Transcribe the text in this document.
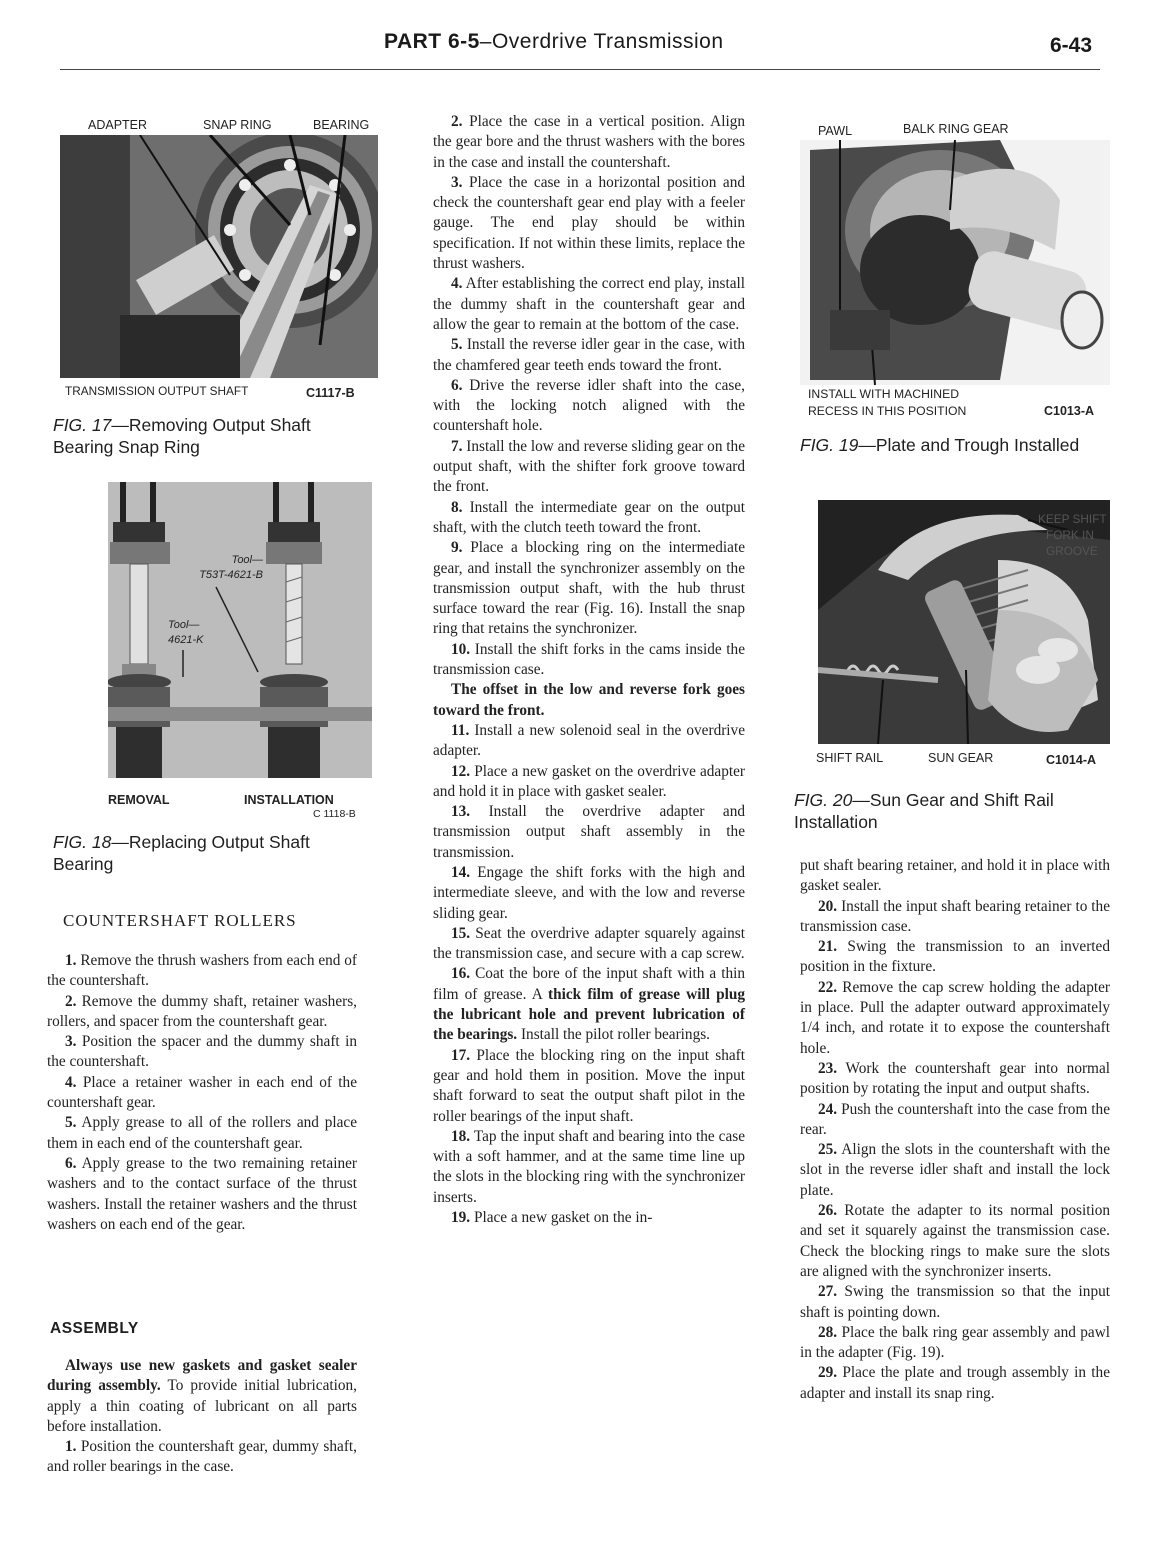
PART 6-5–Overdrive Transmission	6-43
ADAPTER	SNAP RING	BEARING
TRANSMISSION OUTPUT SHAFT	C1117-B
FIG. 17—Removing Output Shaft Bearing Snap Ring
Tool—
T53T-4621-B
Tool—
4621-K
REMOVAL	INSTALLATION
C 1118-B
FIG. 18—Replacing Output Shaft Bearing
COUNTERSHAFT ROLLERS

1. Remove the thrush washers from each end of the countershaft.

2. Remove the dummy shaft, retainer washers, rollers, and spacer from the countershaft gear.

3. Position the spacer and the dummy shaft in the countershaft.

4. Place a retainer washer in each end of the countershaft gear.

5. Apply grease to all of the rollers and place them in each end of the countershaft gear.

6. Apply grease to the two remaining retainer washers and to the contact surface of the thrust washers. Install the retainer washers and the thrust washers on each end of the gear.

ASSEMBLY

Always use new gaskets and gasket sealer during assembly. To provide initial lubrication, apply a thin coating of lubricant on all parts before installation.

1. Position the countershaft gear, dummy shaft, and roller bearings in the case.

2. Place the case in a vertical position. Align the gear bore and the thrust washers with the bores in the case and install the countershaft.

3. Place the case in a horizontal position and check the countershaft gear end play with a feeler gauge. The end play should be within specification. If not within these limits, replace the thrust washers.

4. After establishing the correct end play, install the dummy shaft in the countershaft gear and allow the gear to remain at the bottom of the case.

5. Install the reverse idler gear in the case, with the chamfered gear teeth ends toward the front.

6. Drive the reverse idler shaft into the case, with the locking notch aligned with the countershaft hole.

7. Install the low and reverse sliding gear on the output shaft, with the shifter fork groove toward the front.

8. Install the intermediate gear on the output shaft, with the clutch teeth toward the front.

9. Place a blocking ring on the intermediate gear, and install the synchronizer assembly on the transmission output shaft, with the hub thrust surface toward the rear (Fig. 16). Install the snap ring that retains the synchronizer.

10. Install the shift forks in the cams inside the transmission case.

The offset in the low and reverse fork goes toward the front.

11. Install a new solenoid seal in the overdrive adapter.

12. Place a new gasket on the overdrive adapter and hold it in place with gasket sealer.

13. Install the overdrive adapter and transmission output shaft assembly in the transmission.

14. Engage the shift forks with the high and intermediate sleeve, and with the low and reverse sliding gear.

15. Seat the overdrive adapter squarely against the transmission case, and secure with a cap screw.

16. Coat the bore of the input shaft with a thin film of grease. A thick film of grease will plug the lubricant hole and prevent lubrication of the bearings. Install the pilot roller bearings.

17. Place the blocking ring on the input shaft gear and hold them in position. Move the input shaft forward to seat the output shaft pilot in the roller bearings of the input shaft.

18. Tap the input shaft and bearing into the case with a soft hammer, and at the same time line up the slots in the blocking ring with the synchronizer inserts.

19. Place a new gasket on the in-

PAWL	BALK RING GEAR
INSTALL WITH MACHINED
RECESS IN THIS POSITION	C1013-A
FIG. 19—Plate and Trough Installed
KEEP SHIFT
FORK IN
GROOVE
SHIFT RAIL	SUN GEAR	C1014-A
FIG. 20—Sun Gear and Shift Rail Installation

put shaft bearing retainer, and hold it in place with gasket sealer.

20. Install the input shaft bearing retainer to the transmission case.

21. Swing the transmission to an inverted position in the fixture.

22. Remove the cap screw holding the adapter in place. Pull the adapter outward approximately 1/4 inch, and rotate it to expose the countershaft hole.

23. Work the countershaft gear into normal position by rotating the input and output shafts.

24. Push the countershaft into the case from the rear.

25. Align the slots in the countershaft with the slot in the reverse idler shaft and install the lock plate.

26. Rotate the adapter to its normal position and set it squarely against the transmission case. Check the blocking rings to make sure the slots are aligned with the synchronizer inserts.

27. Swing the transmission so that the input shaft is pointing down.

28. Place the balk ring gear assembly and pawl in the adapter (Fig. 19).

29. Place the plate and trough assembly in the adapter and install its snap ring.
